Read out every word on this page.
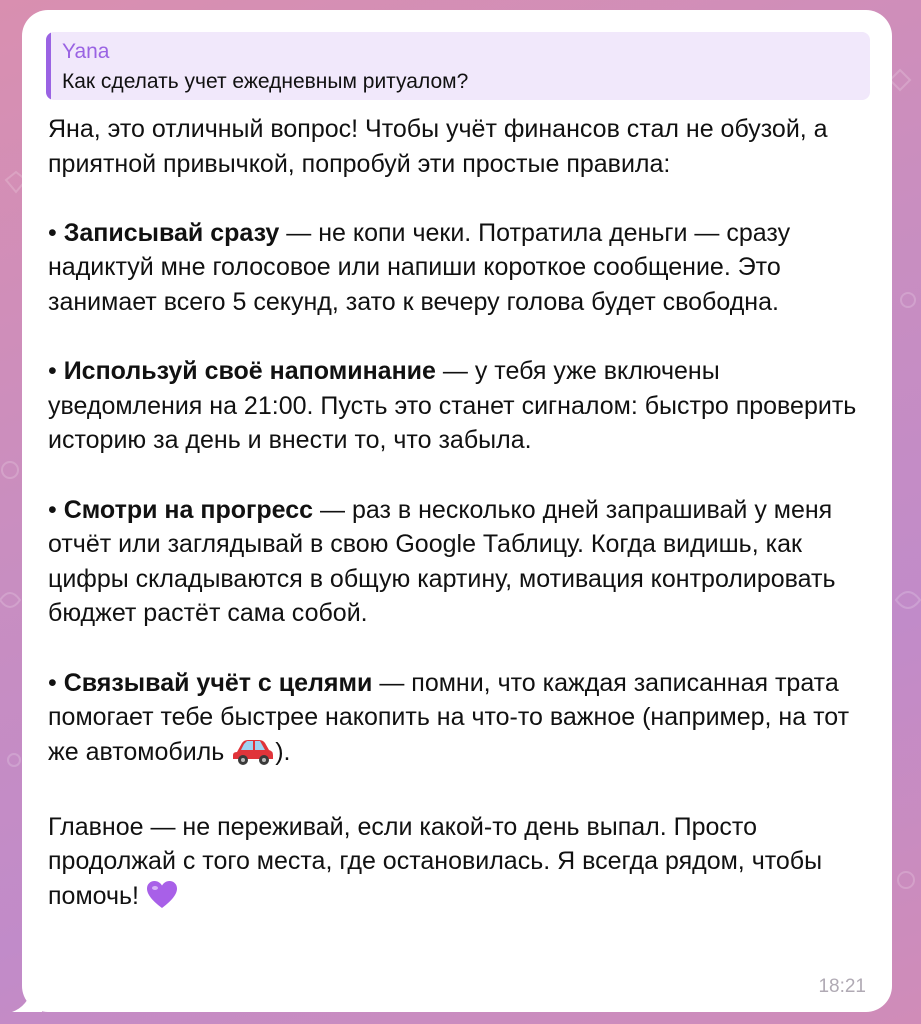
Yana
Как сделать учет ежедневным ритуалом?

Яна, это отличный вопрос! Чтобы учёт финансов стал не обузой, а приятной привычкой, попробуй эти простые правила:

• Записывай сразу — не копи чеки. Потратила деньги — сразу надиктуй мне голосовое или напиши короткое сообщение. Это занимает всего 5 секунд, зато к вечеру голова будет свободна.

• Используй своё напоминание — у тебя уже включены уведомления на 21:00. Пусть это станет сигналом: быстро проверить историю за день и внести то, что забыла.

• Смотри на прогресс — раз в несколько дней запрашивай у меня отчёт или заглядывай в свою Google Таблицу. Когда видишь, как цифры складываются в общую картину, мотивация контролировать бюджет растёт сама собой.

• Связывай учёт с целями — помни, что каждая записанная трата помогает тебе быстрее накопить на что-то важное (например, на тот же автомобиль ).

Главное — не переживай, если какой-то день выпал. Просто продолжай с того места, где остановилась. Я всегда рядом, чтобы помочь!

18:21
